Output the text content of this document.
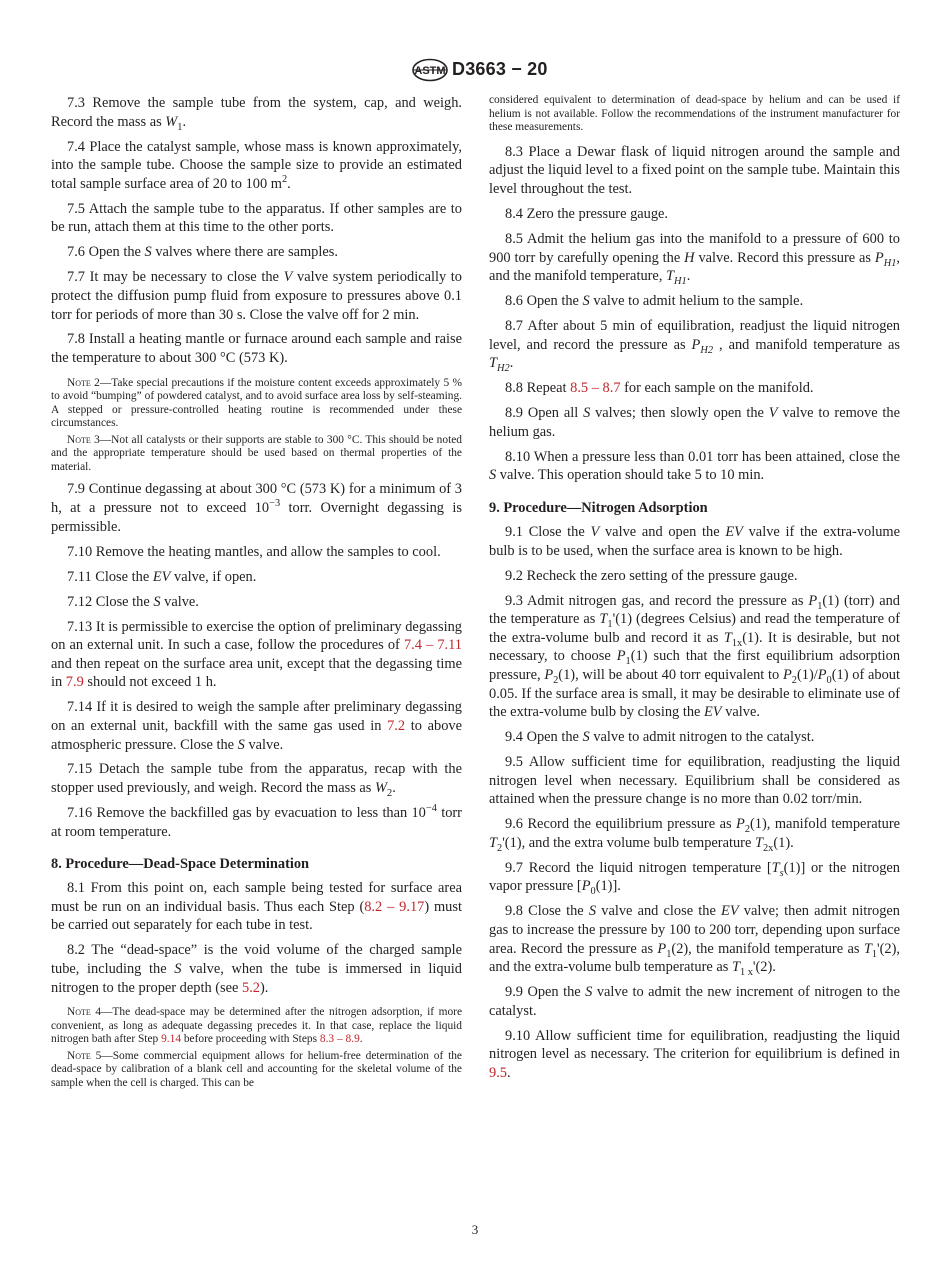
ASTM D3663 − 20

7.3 Remove the sample tube from the system, cap, and weigh. Record the mass as $W_1$.

7.4 Place the catalyst sample, whose mass is known approximately, into the sample tube. Choose the sample size to provide an estimated total sample surface area of 20 to 100 $m^2$.

7.5 Attach the sample tube to the apparatus. If other samples are to be run, attach them at this time to the other ports.

7.6 Open the S valves where there are samples.

7.7 It may be necessary to close the V valve system periodically to protect the diffusion pump fluid from exposure to pressures above 0.1 torr for periods of more than 30 s. Close the valve off for 2 min.

7.8 Install a heating mantle or furnace around each sample and raise the temperature to about 300 °C (573 K).

Note 2—Take special precautions if the moisture content exceeds approximately 5 % to avoid “bumping” of powdered catalyst, and to avoid surface area loss by self-steaming. A stepped or pressure-controlled heating routine is recommended under these circumstances.

Note 3—Not all catalysts or their supports are stable to 300 °C. This should be noted and the appropriate temperature should be used based on thermal properties of the material.

7.9 Continue degassing at about 300 °C (573 K) for a minimum of 3 h, at a pressure not to exceed $10^{-3}$ torr. Overnight degassing is permissible.

7.10 Remove the heating mantles, and allow the samples to cool.

7.11 Close the EV valve, if open.

7.12 Close the S valve.

7.13 It is permissible to exercise the option of preliminary degassing on an external unit. In such a case, follow the procedures of 7.4 – 7.11 and then repeat on the surface area unit, except that the degassing time in 7.9 should not exceed 1 h.

7.14 If it is desired to weigh the sample after preliminary degassing on an external unit, backfill with the same gas used in 7.2 to above atmospheric pressure. Close the S valve.

7.15 Detach the sample tube from the apparatus, recap with the stopper used previously, and weigh. Record the mass as $W_2$.

7.16 Remove the backfilled gas by evacuation to less than $10^{-4}$ torr at room temperature.

8. Procedure—Dead-Space Determination

8.1 From this point on, each sample being tested for surface area must be run on an individual basis. Thus each Step (8.2 – 9.17) must be carried out separately for each tube in test.

8.2 The “dead-space” is the void volume of the charged sample tube, including the S valve, when the tube is immersed in liquid nitrogen to the proper depth (see 5.2).

Note 4—The dead-space may be determined after the nitrogen adsorption, if more convenient, as long as adequate degassing precedes it. In that case, replace the liquid nitrogen bath after Step 9.14 before proceeding with Steps 8.3 – 8.9.

Note 5—Some commercial equipment allows for helium-free determination of the dead-space by calibration of a blank cell and accounting for the skeletal volume of the sample when the cell is charged. This can be

considered equivalent to determination of dead-space by helium and can be used if helium is not available. Follow the recommendations of the instrument manufacturer for these measurements.

8.3 Place a Dewar flask of liquid nitrogen around the sample and adjust the liquid level to a fixed point on the sample tube. Maintain this level throughout the test.

8.4 Zero the pressure gauge.

8.5 Admit the helium gas into the manifold to a pressure of 600 to 900 torr by carefully opening the H valve. Record this pressure as $P_{H1}$, and the manifold temperature, $T_{H1}$.

8.6 Open the S valve to admit helium to the sample.

8.7 After about 5 min of equilibration, readjust the liquid nitrogen level, and record the pressure as $P_{H2}$ , and manifold temperature as $T_{H2}$.

8.8 Repeat 8.5 – 8.7 for each sample on the manifold.

8.9 Open all S valves; then slowly open the V valve to remove the helium gas.

8.10 When a pressure less than 0.01 torr has been attained, close the S valve. This operation should take 5 to 10 min.

9. Procedure—Nitrogen Adsorption

9.1 Close the V valve and open the EV valve if the extra-volume bulb is to be used, when the surface area is known to be high.

9.2 Recheck the zero setting of the pressure gauge.

9.3 Admit nitrogen gas, and record the pressure as $P_1(1)$ (torr) and the temperature as $T_1'(1)$ (degrees Celsius) and read the temperature of the extra-volume bulb and record it as $T_{1x}(1)$. It is desirable, but not necessary, to choose $P_1(1)$ such that the first equilibrium adsorption pressure, $P_2(1)$, will be about 40 torr equivalent to $P_2(1)/P_0(1)$ of about 0.05. If the surface area is small, it may be desirable to eliminate use of the extra-volume bulb by closing the EV valve.

9.4 Open the S valve to admit nitrogen to the catalyst.

9.5 Allow sufficient time for equilibration, readjusting the liquid nitrogen level when necessary. Equilibrium shall be considered as attained when the pressure change is no more than 0.02 torr/min.

9.6 Record the equilibrium pressure as $P_2(1)$, manifold temperature $T_2'(1)$, and the extra volume bulb temperature $T_{2x}(1)$.

9.7 Record the liquid nitrogen temperature $[T_s(1)]$ or the nitrogen vapor pressure $[P_0(1)]$.

9.8 Close the S valve and close the EV valve; then admit nitrogen gas to increase the pressure by 100 to 200 torr, depending upon surface area. Record the pressure as $P_1(2)$, the manifold temperature as $T_1'(2)$, and the extra-volume bulb temperature as $T_{1 x}'(2)$.

9.9 Open the S valve to admit the new increment of nitrogen to the catalyst.

9.10 Allow sufficient time for equilibration, readjusting the liquid nitrogen level as necessary. The criterion for equilibrium is defined in 9.5.

3
